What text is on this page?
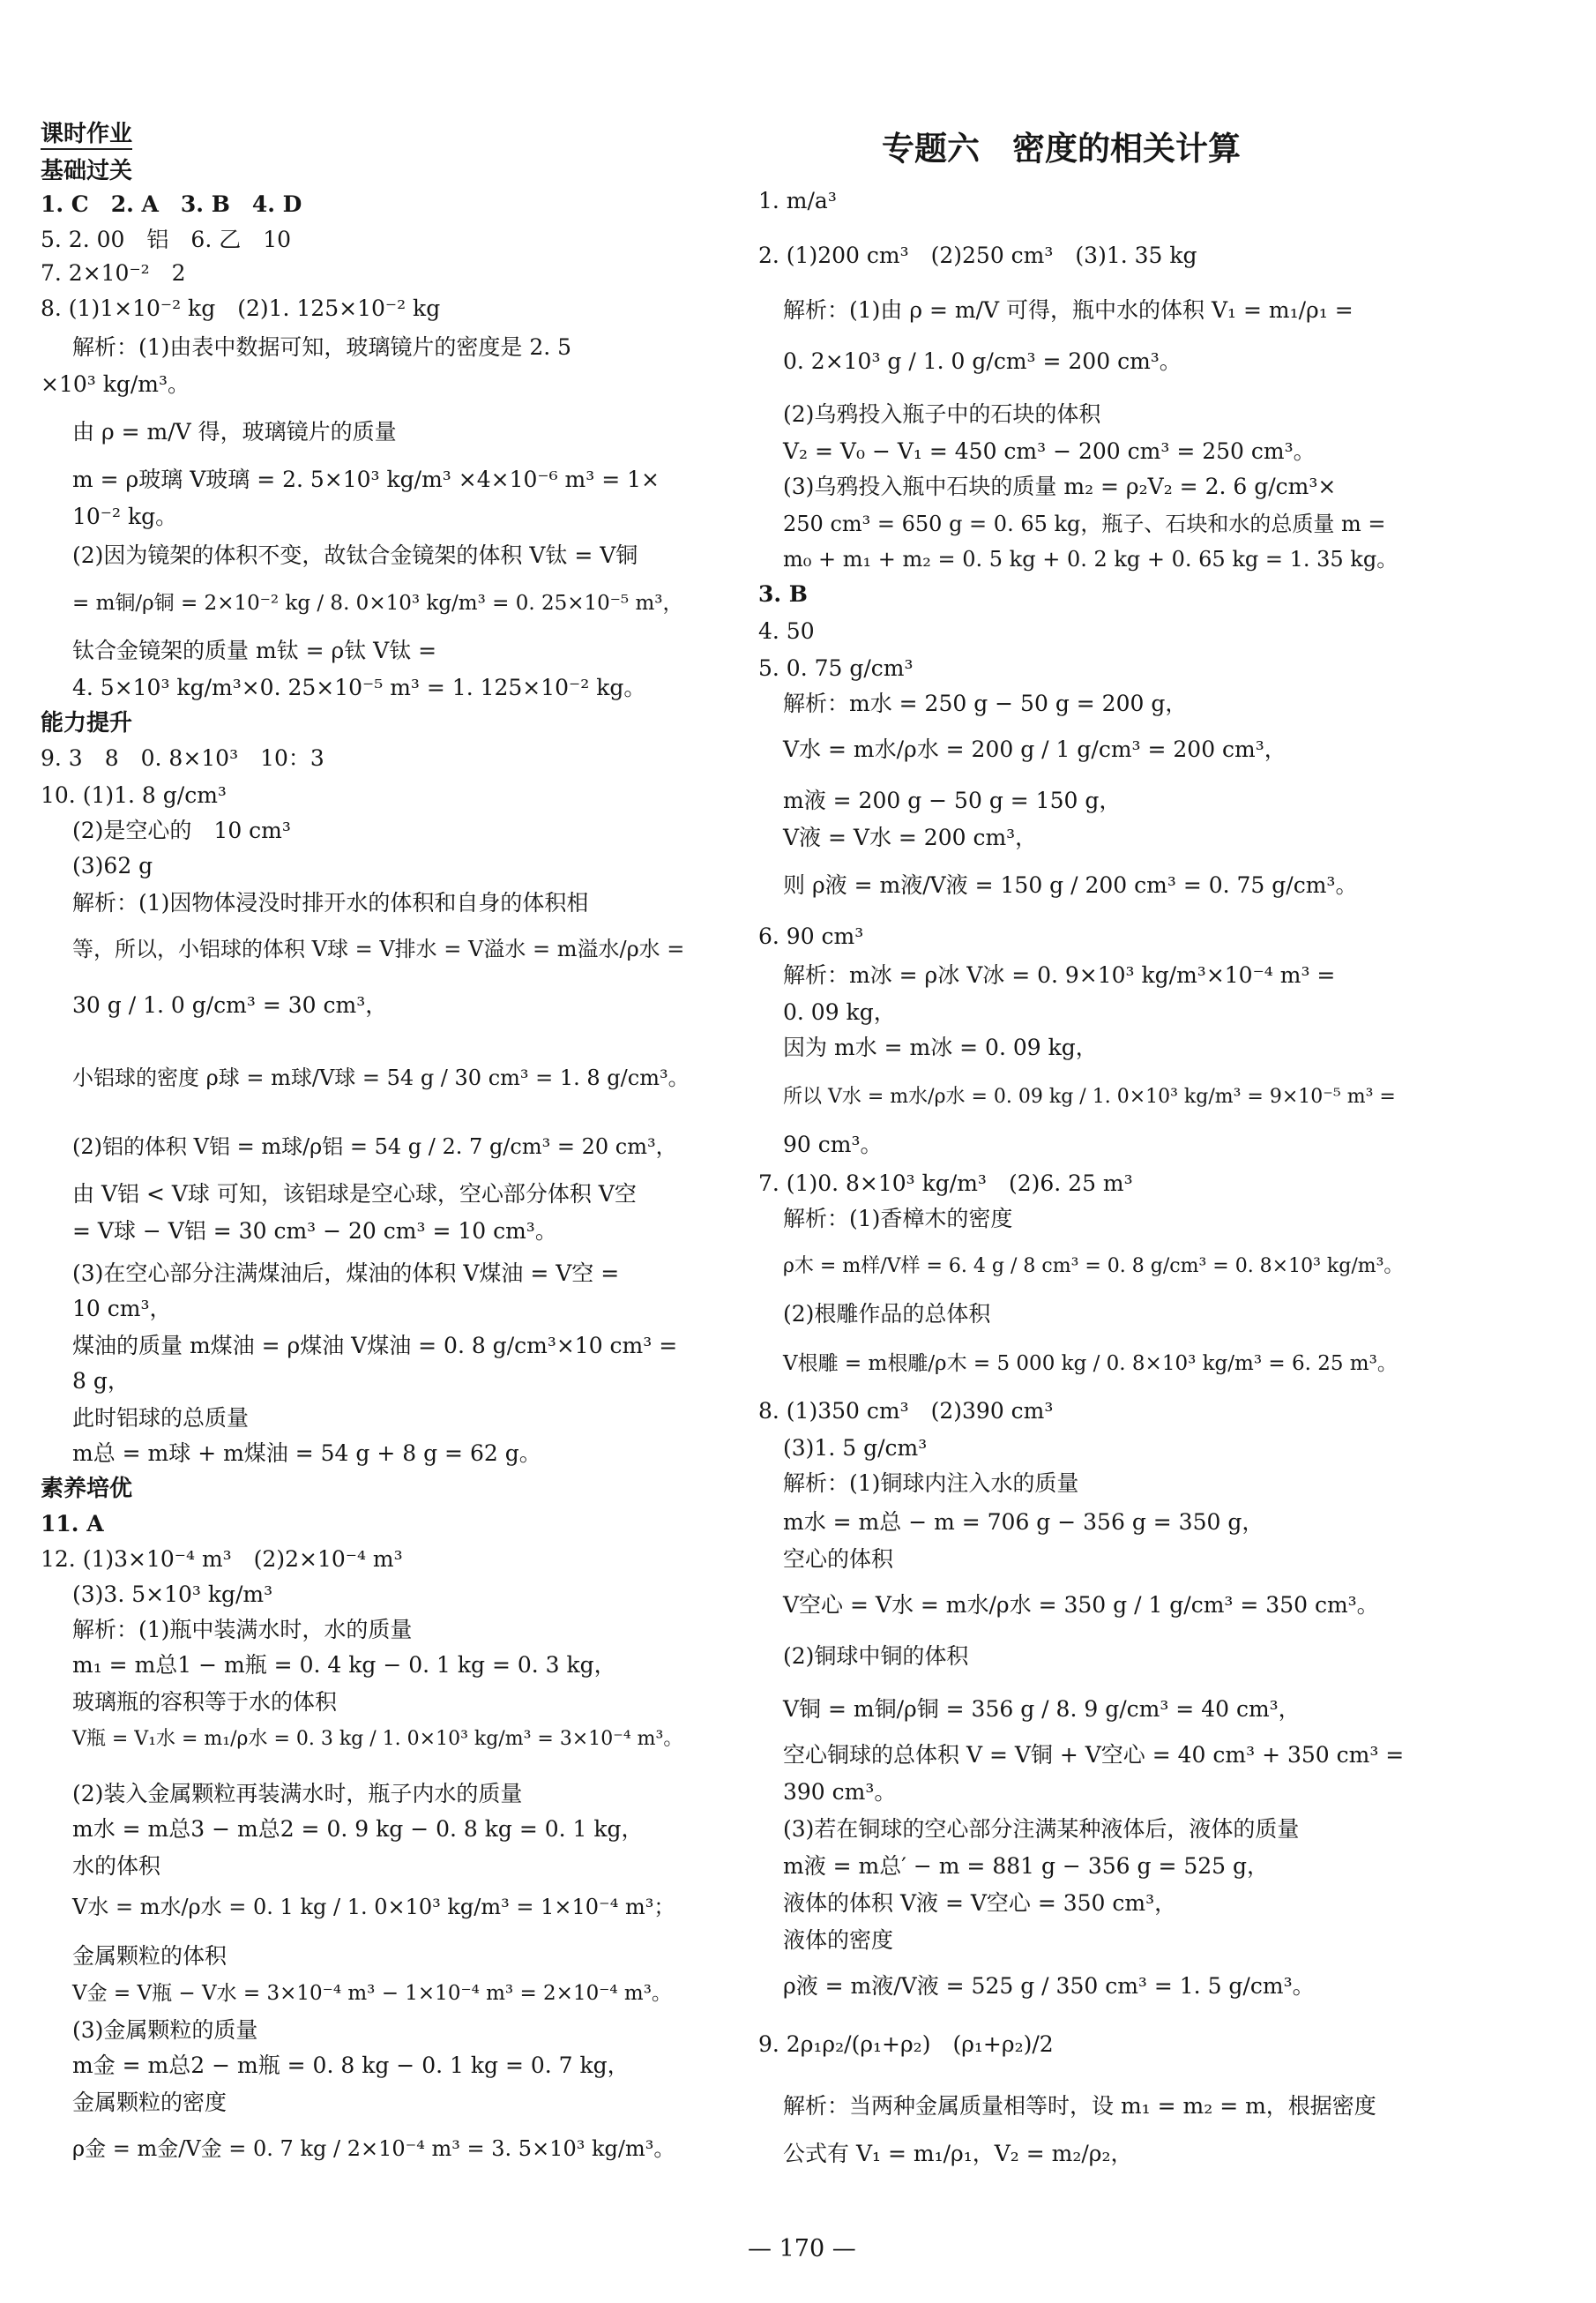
课时作业
基础过关
1. C　2. A　3. B　4. D
5. 2. 00　铝　6. 乙　10
7. 2×10⁻²　2
8. (1)1×10⁻² kg　(2)1. 125×10⁻² kg
解析：(1)由表中数据可知，玻璃镜片的密度是 2. 5
×10³ kg/m³。
由 ρ = m/V 得，玻璃镜片的质量
m = ρ玻璃 V玻璃 = 2. 5×10³ kg/m³ ×4×10⁻⁶ m³ = 1×
10⁻² kg。
(2)因为镜架的体积不变，故钛合金镜架的体积 V钛 = V铜
= m铜/ρ铜 = 2×10⁻² kg / 8. 0×10³ kg/m³ = 0. 25×10⁻⁵ m³，
钛合金镜架的质量 m钛 = ρ钛 V钛 =
4. 5×10³ kg/m³×0. 25×10⁻⁵ m³ = 1. 125×10⁻² kg。
能力提升
9. 3　8　0. 8×10³　10：3
10. (1)1. 8 g/cm³
(2)是空心的　10 cm³
(3)62 g
解析：(1)因物体浸没时排开水的体积和自身的体积相
等，所以，小铝球的体积 V球 = V排水 = V溢水 = m溢水/ρ水 =
30 g / 1. 0 g/cm³ = 30 cm³，
小铝球的密度 ρ球 = m球/V球 = 54 g / 30 cm³ = 1. 8 g/cm³。
(2)铝的体积 V铝 = m球/ρ铝 = 54 g / 2. 7 g/cm³ = 20 cm³，
由 V铝 < V球 可知，该铝球是空心球，空心部分体积 V空
= V球 − V铝 = 30 cm³ − 20 cm³ = 10 cm³。
(3)在空心部分注满煤油后，煤油的体积 V煤油 = V空 =
10 cm³，
煤油的质量 m煤油 = ρ煤油 V煤油 = 0. 8 g/cm³×10 cm³ =
8 g，
此时铝球的总质量
m总 = m球 + m煤油 = 54 g + 8 g = 62 g。
素养培优
11. A
12. (1)3×10⁻⁴ m³　(2)2×10⁻⁴ m³
(3)3. 5×10³ kg/m³
解析：(1)瓶中装满水时，水的质量
m₁ = m总1 − m瓶 = 0. 4 kg − 0. 1 kg = 0. 3 kg，
玻璃瓶的容积等于水的体积
V瓶 = V₁水 = m₁/ρ水 = 0. 3 kg / 1. 0×10³ kg/m³ = 3×10⁻⁴ m³。
(2)装入金属颗粒再装满水时，瓶子内水的质量
m水 = m总3 − m总2 = 0. 9 kg − 0. 8 kg = 0. 1 kg，
水的体积
V水 = m水/ρ水 = 0. 1 kg / 1. 0×10³ kg/m³ = 1×10⁻⁴ m³；
金属颗粒的体积
V金 = V瓶 − V水 = 3×10⁻⁴ m³ − 1×10⁻⁴ m³ = 2×10⁻⁴ m³。
(3)金属颗粒的质量
m金 = m总2 − m瓶 = 0. 8 kg − 0. 1 kg = 0. 7 kg，
金属颗粒的密度
ρ金 = m金/V金 = 0. 7 kg / 2×10⁻⁴ m³ = 3. 5×10³ kg/m³。
专题六　密度的相关计算
1. m/a³
2. (1)200 cm³　(2)250 cm³　(3)1. 35 kg
解析：(1)由 ρ = m/V 可得，瓶中水的体积 V₁ = m₁/ρ₁ =
0. 2×10³ g / 1. 0 g/cm³ = 200 cm³。
(2)乌鸦投入瓶子中的石块的体积
V₂ = V₀ − V₁ = 450 cm³ − 200 cm³ = 250 cm³。
(3)乌鸦投入瓶中石块的质量 m₂ = ρ₂V₂ = 2. 6 g/cm³×
250 cm³ = 650 g = 0. 65 kg，瓶子、石块和水的总质量 m =
m₀ + m₁ + m₂ = 0. 5 kg + 0. 2 kg + 0. 65 kg = 1. 35 kg。
3. B
4. 50
5. 0. 75 g/cm³
解析：m水 = 250 g − 50 g = 200 g，
V水 = m水/ρ水 = 200 g / 1 g/cm³ = 200 cm³，
m液 = 200 g − 50 g = 150 g，
V液 = V水 = 200 cm³，
则 ρ液 = m液/V液 = 150 g / 200 cm³ = 0. 75 g/cm³。
6. 90 cm³
解析：m冰 = ρ冰 V冰 = 0. 9×10³ kg/m³×10⁻⁴ m³ =
0. 09 kg，
因为 m水 = m冰 = 0. 09 kg，
所以 V水 = m水/ρ水 = 0. 09 kg / 1. 0×10³ kg/m³ = 9×10⁻⁵ m³ =
90 cm³。
7. (1)0. 8×10³ kg/m³　(2)6. 25 m³
解析：(1)香樟木的密度
ρ木 = m样/V样 = 6. 4 g / 8 cm³ = 0. 8 g/cm³ = 0. 8×10³ kg/m³。
(2)根雕作品的总体积
V根雕 = m根雕/ρ木 = 5 000 kg / 0. 8×10³ kg/m³ = 6. 25 m³。
8. (1)350 cm³　(2)390 cm³
(3)1. 5 g/cm³
解析：(1)铜球内注入水的质量
m水 = m总 − m = 706 g − 356 g = 350 g，
空心的体积
V空心 = V水 = m水/ρ水 = 350 g / 1 g/cm³ = 350 cm³。
(2)铜球中铜的体积
V铜 = m铜/ρ铜 = 356 g / 8. 9 g/cm³ = 40 cm³，
空心铜球的总体积 V = V铜 + V空心 = 40 cm³ + 350 cm³ =
390 cm³。
(3)若在铜球的空心部分注满某种液体后，液体的质量
m液 = m总′ − m = 881 g − 356 g = 525 g，
液体的体积 V液 = V空心 = 350 cm³，
液体的密度
ρ液 = m液/V液 = 525 g / 350 cm³ = 1. 5 g/cm³。
9. 2ρ₁ρ₂/(ρ₁+ρ₂)　(ρ₁+ρ₂)/2
解析：当两种金属质量相等时，设 m₁ = m₂ = m，根据密度
公式有 V₁ = m₁/ρ₁，V₂ = m₂/ρ₂，
— 170 —
